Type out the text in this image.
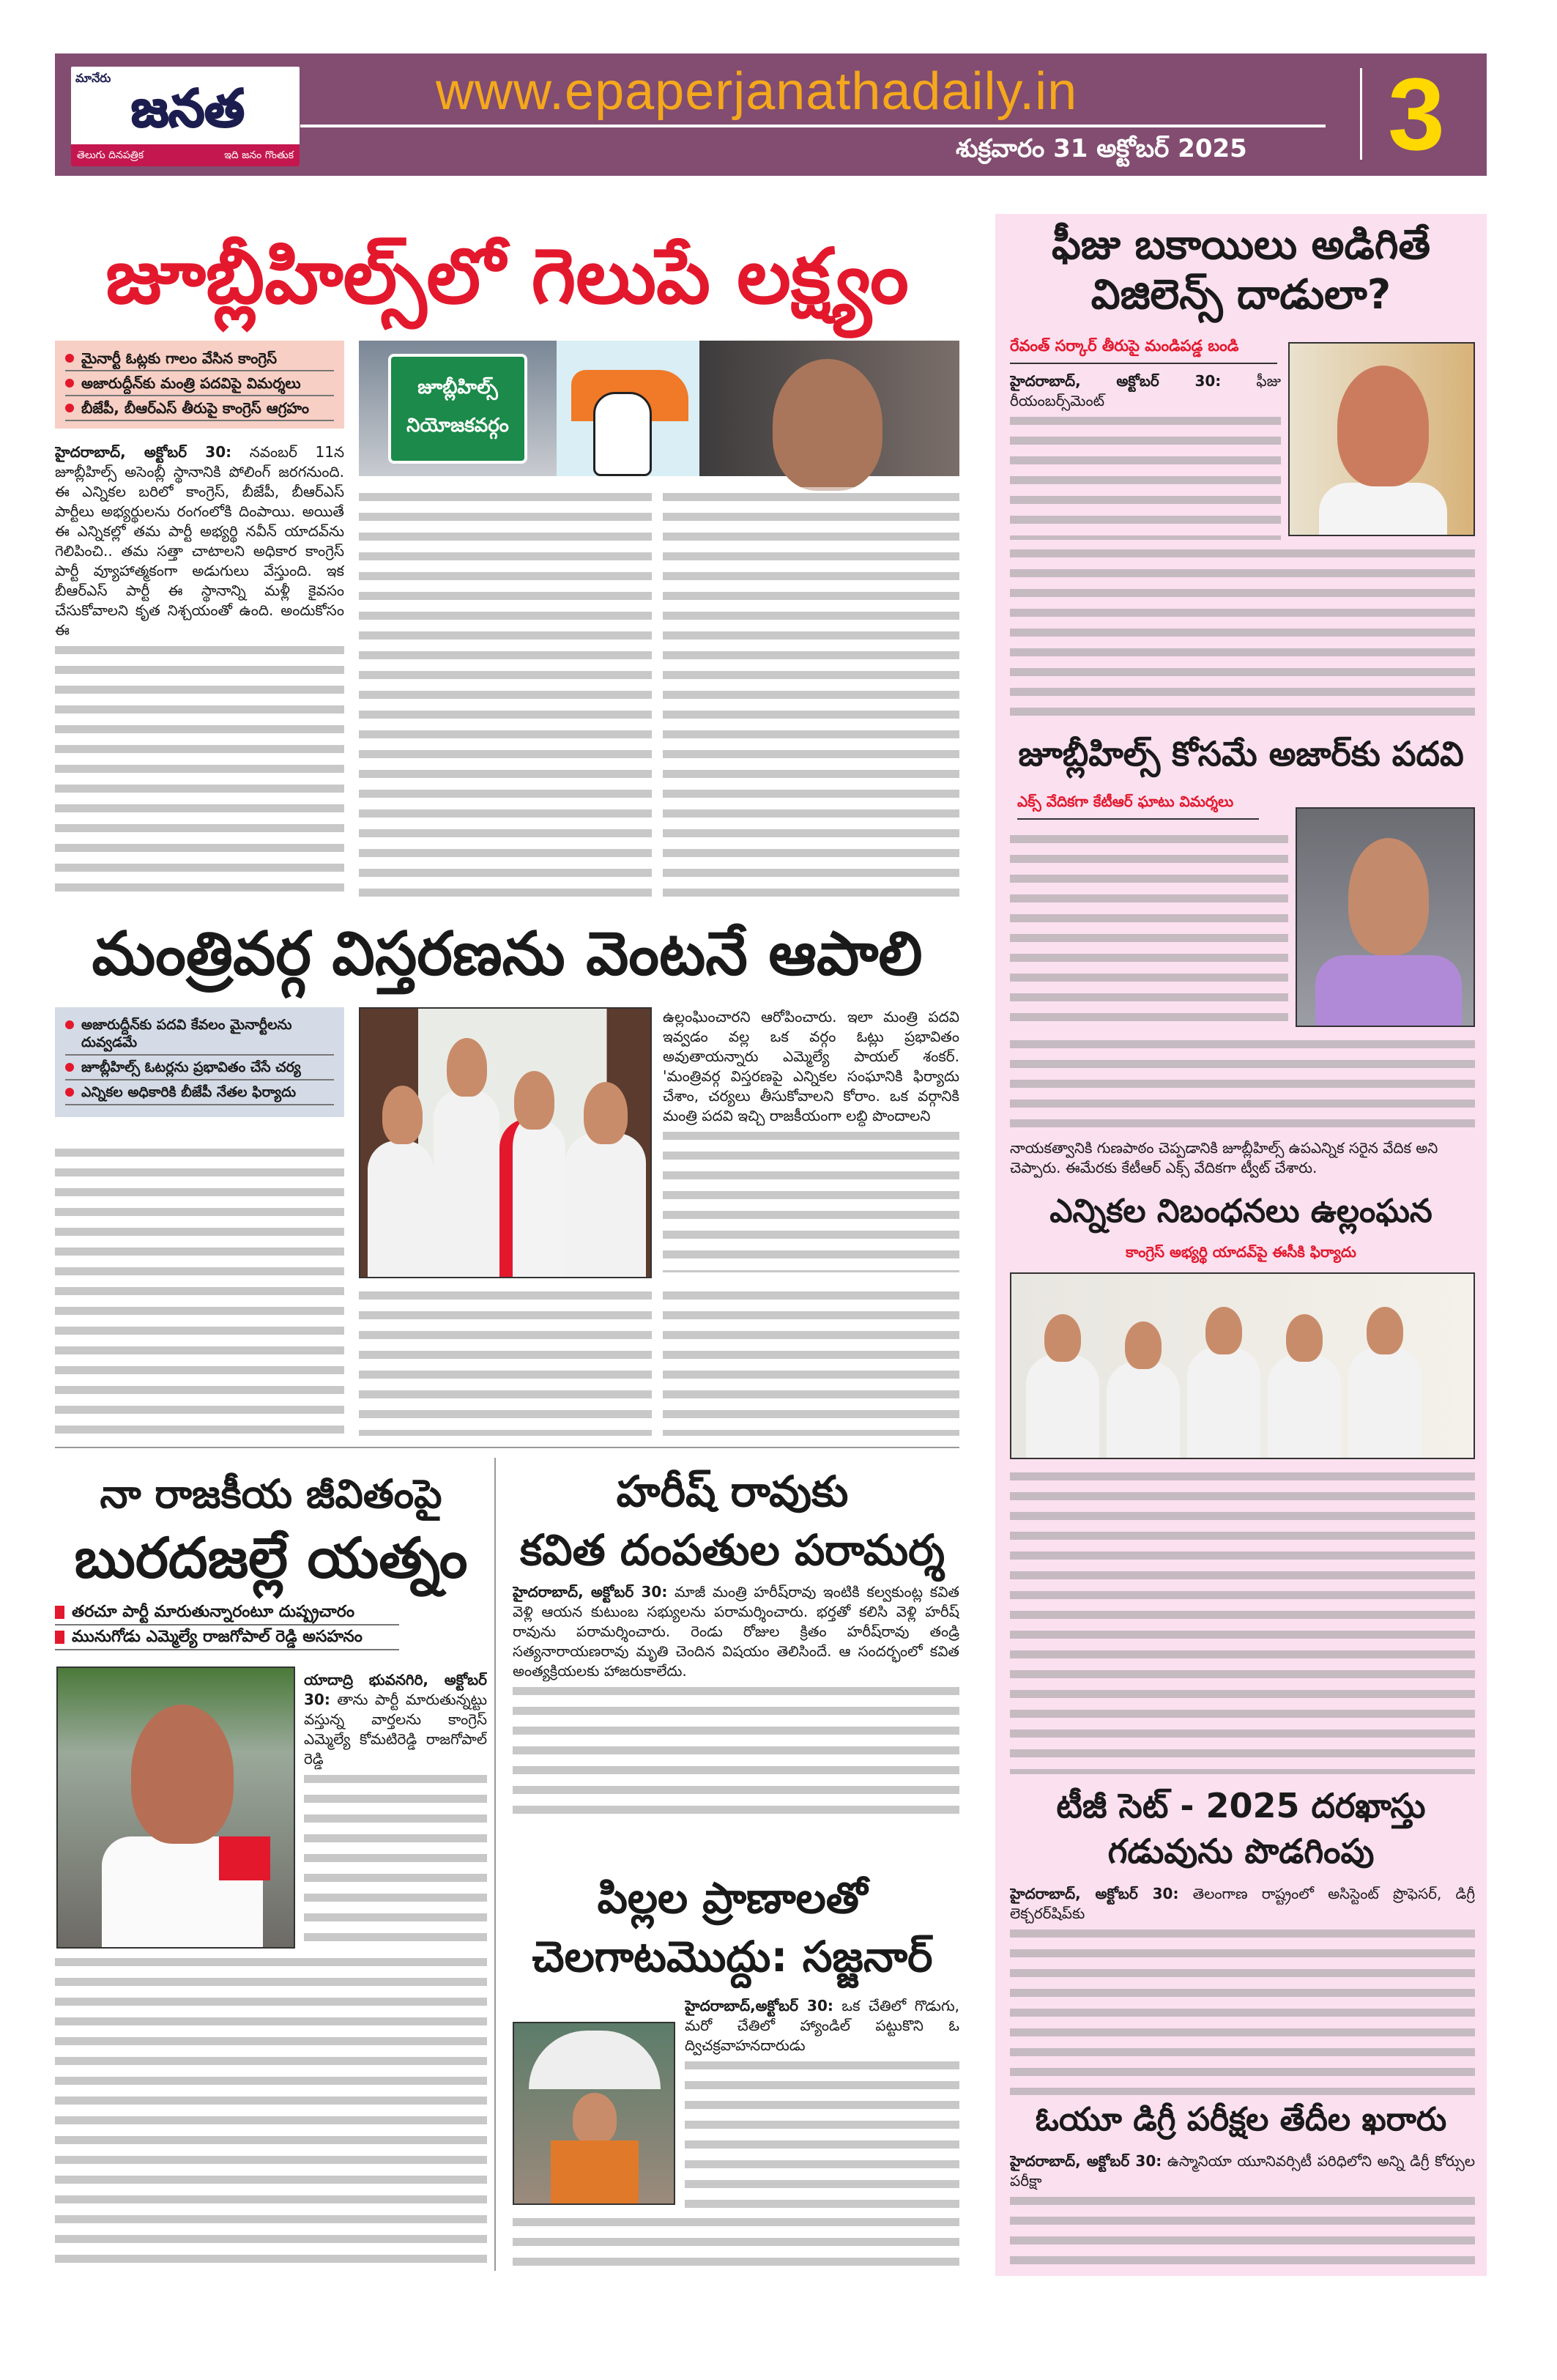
మానేరు
జనత
తెలుగు దినపత్రిక	ఇది జనం గొంతుక
www.epaperjanathadaily.in
శుక్రవారం 31 అక్టోబర్ 2025	3
జూబ్లీహిల్స్‌లో గెలుపే లక్ష్యం
మైనార్టీ ఓట్లకు గాలం వేసిన కాంగ్రెస్
అజారుద్దీన్‌కు మంత్రి పదవిపై విమర్శలు
బీజేపీ, బీఆర్ఎస్ తీరుపై కాంగ్రెస్ ఆగ్రహం
జూబ్లీహిల్స్ నియోజకవర్గం
హైదరాబాద్, అక్టోబర్ 30: నవంబర్ 11న జూబ్లీహిల్స్ అసెంబ్లీ స్థానానికి పోలింగ్ జరగనుంది. ఈ ఎన్నికల బరిలో కాంగ్రెస్, బీజేపీ, బీఆర్ఎస్ పార్టీలు అభ్యర్థులను రంగంలోకి దింపాయి. అయితే ఈ ఎన్నికల్లో తమ పార్టీ అభ్యర్థి నవీన్ యాదవ్‌ను గెలిపించి.. తమ సత్తా చాటాలని అధికార కాంగ్రెస్ పార్టీ వ్యూహాత్మకంగా అడుగులు వేస్తుంది. ఇక బీఆర్ఎస్ పార్టీ ఈ స్థానాన్ని మళ్లీ కైవసం చేసుకోవాలని కృత నిశ్చయంతో ఉంది. అందుకోసం ఈ
మంత్రివర్గ విస్తరణను వెంటనే ఆపాలి
అజారుద్దీన్‌కు పదవి కేవలం మైనార్టీలను దువ్వడమే
జూబ్లీహిల్స్ ఓటర్లను ప్రభావితం చేసే చర్య
ఎన్నికల అధికారికి బీజేపీ నేతల ఫిర్యాదు
ఉల్లంఘించారని ఆరోపించారు. ఇలా మంత్రి పదవి ఇవ్వడం వల్ల ఒక వర్గం ఓట్లు ప్రభావితం అవుతాయన్నారు ఎమ్మెల్యే పాయల్ శంకర్. 'మంత్రివర్గ విస్తరణపై ఎన్నికల సంఘానికి ఫిర్యాదు చేశాం, చర్యలు తీసుకోవాలని కోరాం. ఒక వర్గానికి మంత్రి పదవి ఇచ్చి రాజకీయంగా లబ్ధి పొందాలని
నా రాజకీయ జీవితంపై
బురదజల్లే యత్నం
తరచూ పార్టీ మారుతున్నారంటూ దుష్ప్రచారం
మునుగోడు ఎమ్మెల్యే రాజగోపాల్ రెడ్డి అసహనం
యాదాద్రి భువనగిరి, అక్టోబర్ 30: తాను పార్టీ మారుతున్నట్టు వస్తున్న వార్తలను కాంగ్రెస్ ఎమ్మెల్యే కోమటిరెడ్డి రాజగోపాల్ రెడ్డి
హరీష్ రావుకు
కవిత దంపతుల పరామర్శ
హైదరాబాద్, అక్టోబర్ 30: మాజీ మంత్రి హరీష్‌రావు ఇంటికి కల్వకుంట్ల కవిత వెళ్లి ఆయన కుటుంబ సభ్యులను పరామర్శించారు. భర్తతో కలిసి వెళ్లి హరీష్ రావును పరామర్శించారు. రెండు రోజుల క్రితం హరీష్‌రావు తండ్రి సత్యనారాయణరావు మృతి చెందిన విషయం తెలిసిందే. ఆ సందర్భంలో కవిత అంత్యక్రియలకు హాజరుకాలేదు.
పిల్లల ప్రాణాలతో
చెలగాటమొద్దు: సజ్జనార్
హైదరాబాద్,అక్టోబర్ 30: ఒక చేతిలో గొడుగు, మరో చేతిలో హ్యాండిల్ పట్టుకొని ఓ ద్విచక్రవాహనదారుడు
ఫీజు బకాయిలు అడిగితే
విజిలెన్స్ దాడులా?
రేవంత్ సర్కార్ తీరుపై మండిపడ్డ బండి
హైదరాబాద్, అక్టోబర్ 30: ఫీజు రీయంబర్స్‌మెంట్
జూబ్లీహిల్స్ కోసమే అజార్‌కు పదవి
ఎక్స్ వేదికగా కేటీఆర్ ఘాటు విమర్శలు
నాయకత్వానికి గుణపాఠం చెప్పడానికి జూబ్లీహిల్స్ ఉపఎన్నిక సరైన వేదిక అని చెప్పారు. ఈమేరకు కేటీఆర్ ఎక్స్ వేదికగా ట్వీట్ చేశారు.
ఎన్నికల నిబంధనలు ఉల్లంఘన
కాంగ్రెస్ అభ్యర్థి యాదవ్‌పై ఈసీకి ఫిర్యాదు
టీజీ సెట్ - 2025 దరఖాస్తు
గడువును పొడగింపు
హైదరాబాద్, అక్టోబర్ 30: తెలంగాణ రాష్ట్రంలో అసిస్టెంట్ ప్రొఫెసర్, డిగ్రీ లెక్చరర్‌షిప్‌కు
ఓయూ డిగ్రీ పరీక్షల తేదీల ఖరారు
హైదరాబాద్, అక్టోబర్ 30: ఉస్మానియా యూనివర్సిటీ పరిధిలోని అన్ని డిగ్రీ కోర్సుల పరీక్షా
